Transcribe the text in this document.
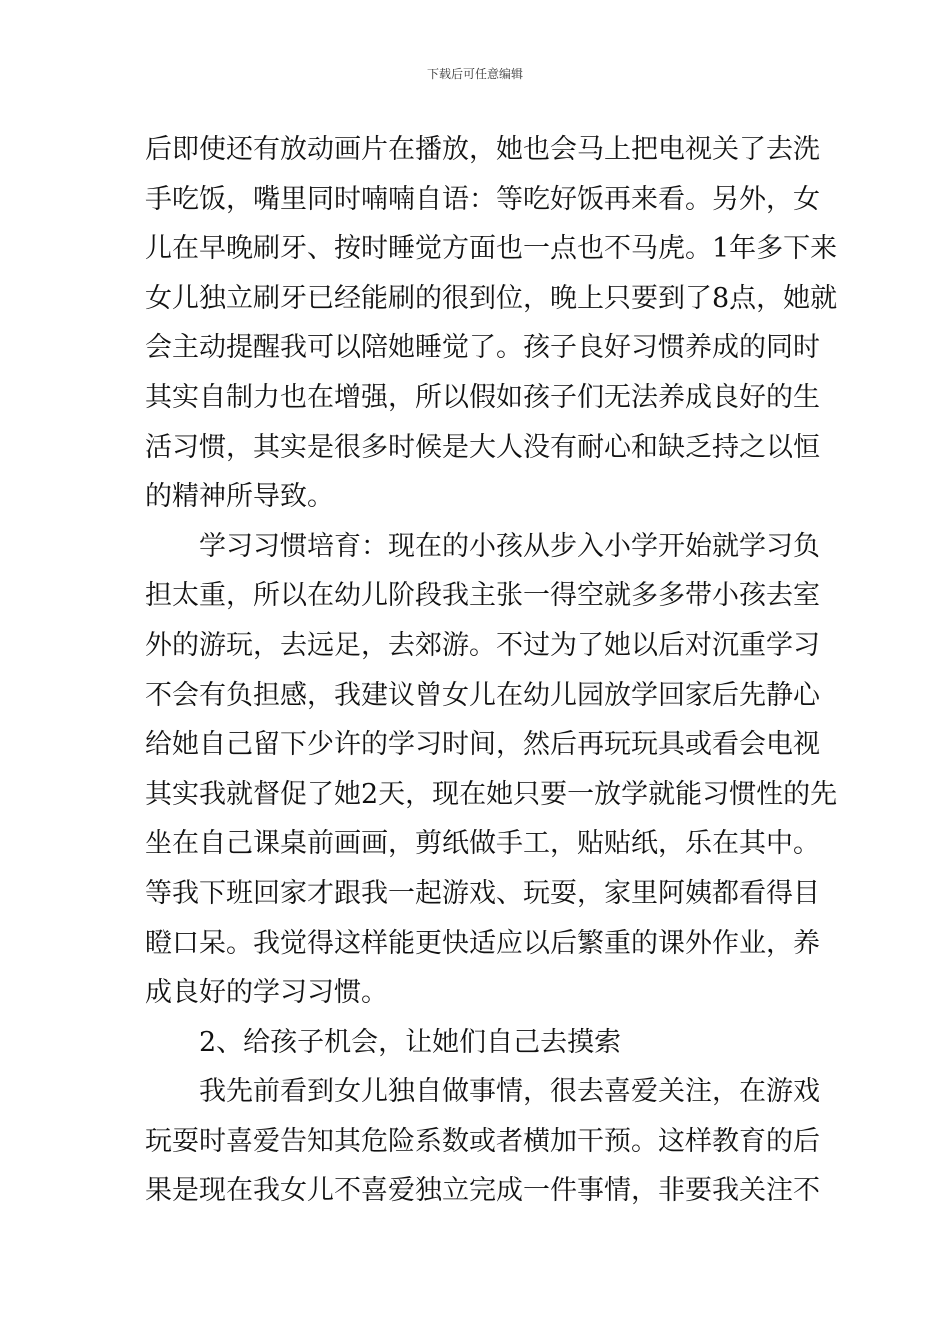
下载后可任意编辑
后即使还有放动画片在播放，她也会马上把电视关了去洗
手吃饭，嘴里同时喃喃自语：等吃好饭再来看。另外，女
儿在早晚刷牙、按时睡觉方面也一点也不马虎。1年多下来
女儿独立刷牙已经能刷的很到位，晚上只要到了8点，她就
会主动提醒我可以陪她睡觉了。孩子良好习惯养成的同时
其实自制力也在增强，所以假如孩子们无法养成良好的生
活习惯，其实是很多时候是大人没有耐心和缺乏持之以恒
的精神所导致。
学习习惯培育：现在的小孩从步入小学开始就学习负
担太重，所以在幼儿阶段我主张一得空就多多带小孩去室
外的游玩，去远足，去郊游。不过为了她以后对沉重学习
不会有负担感，我建议曾女儿在幼儿园放学回家后先静心
给她自己留下少许的学习时间，然后再玩玩具或看会电视
其实我就督促了她2天，现在她只要一放学就能习惯性的先
坐在自己课桌前画画，剪纸做手工，贴贴纸，乐在其中。
等我下班回家才跟我一起游戏、玩耍，家里阿姨都看得目
瞪口呆。我觉得这样能更快适应以后繁重的课外作业，养
成良好的学习习惯。
2、给孩子机会，让她们自己去摸索
我先前看到女儿独自做事情，很去喜爱关注，在游戏
玩耍时喜爱告知其危险系数或者横加干预。这样教育的后
果是现在我女儿不喜爱独立完成一件事情，非要我关注不
